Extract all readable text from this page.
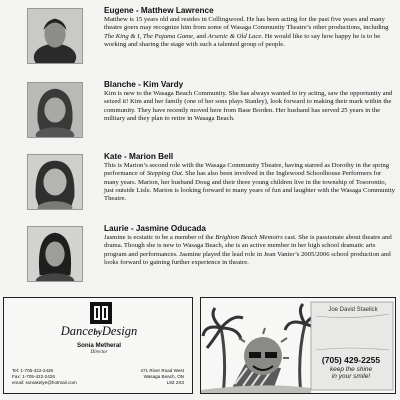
Eugene - Matthew Lawrence

Matthew is 15 years old and resides in Collingwood. He has been acting for the past five years and many theatre goers may recognize him from some of Wasaga Community Theatre’s other productions, including The King & I, The Pajama Game, and Arsenic & Old Lace. He would like to say how happy he is to be working and sharing the stage with such a talented group of people.

Blanche - Kim Vardy

Kim is new to the Wasaga Beach Community. She has always wanted to try acting, saw the opportunity and seized it! Kim and her family (one of her sons plays Stanley), look forward to making their mark within the community. They have recently moved here from Base Borden. Her husband has served 25 years in the military and they plan to retire in Wasaga Beach.

Kate - Marion Bell

This is Marion’s second role with the Wasaga Community Theatre, having starred as Dorothy in the spring performance of Stepping Out. She has also been involved in the Inglewood Schoolhouse Performers for many years. Marion, her husband Doug and their three young children live in the township of Tosorontio, just outside Lisle. Marion is looking forward to many years of fun and laughter with the Wasaga Community Theatre.

Laurie - Jasmine Oducada

Jasmine is ecstatic to be a member of the Brighton Beach Memoirs cast. She is passionate about theatre and drama. Though she is new to Wasaga Beach, she is an active member in her high school dramatic arts program and performances. Jasmine played the lead role in Jean Vanier’s 2005/2006 school production and looks forward to gaining further experience in theatre.

DancebyDesign
Sonia Metheral
Director
Tel: 1-705-422-2426
Fax: 1-705-422-2426
email: soniakelye@hotmail.com
471 River Road West
Wasaga Beach, ON
L9Z 2X3
Joe David Staelick
(705) 429-2255
keep the shine
in your smile!
